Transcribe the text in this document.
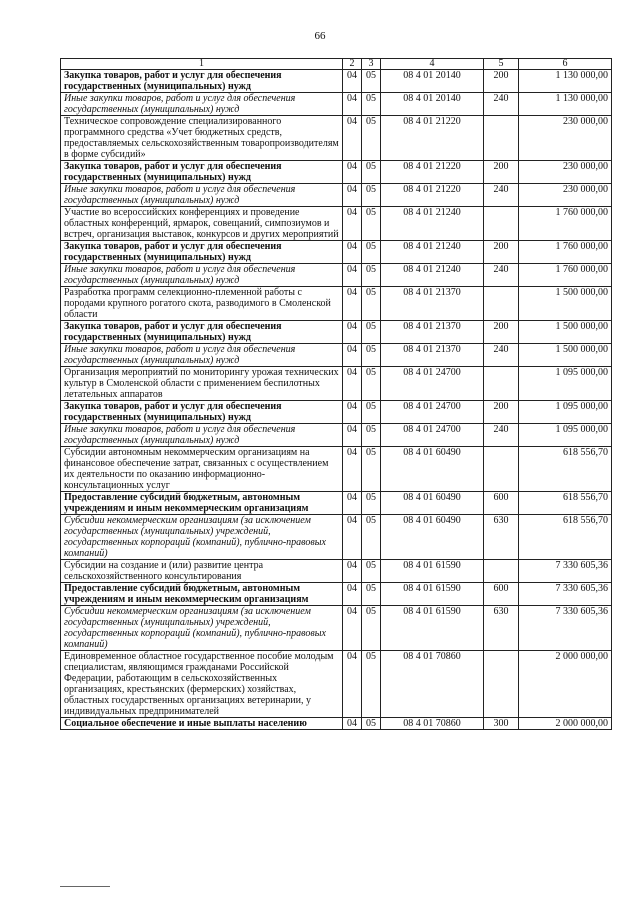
66
1	2	3	4	5	6
Закупка товаров, работ и услуг для обеспечения государственных (муниципальных) нужд	04	05	08 4 01 20140	200	1 130 000,00
Иные закупки товаров, работ и услуг для обеспечения государственных (муниципальных) нужд	04	05	08 4 01 20140	240	1 130 000,00
Техническое сопровождение специализированного программного средства «Учет бюджетных средств, предоставляемых сельскохозяйственным товаропроизводителям в форме субсидий»	04	05	08 4 01 21220		230 000,00
Закупка товаров, работ и услуг для обеспечения государственных (муниципальных) нужд	04	05	08 4 01 21220	200	230 000,00
Иные закупки товаров, работ и услуг для обеспечения государственных (муниципальных) нужд	04	05	08 4 01 21220	240	230 000,00
Участие во всероссийских конференциях и проведение областных конференций, ярмарок, совещаний, симпозиумов и встреч, организация выставок, конкурсов и других мероприятий	04	05	08 4 01 21240		1 760 000,00
Закупка товаров, работ и услуг для обеспечения государственных (муниципальных) нужд	04	05	08 4 01 21240	200	1 760 000,00
Иные закупки товаров, работ и услуг для обеспечения государственных (муниципальных) нужд	04	05	08 4 01 21240	240	1 760 000,00
Разработка программ селекционно-племенной работы с породами крупного рогатого скота, разводимого в Смоленской области	04	05	08 4 01 21370		1 500 000,00
Закупка товаров, работ и услуг для обеспечения государственных (муниципальных) нужд	04	05	08 4 01 21370	200	1 500 000,00
Иные закупки товаров, работ и услуг для обеспечения государственных (муниципальных) нужд	04	05	08 4 01 21370	240	1 500 000,00
Организация мероприятий по мониторингу урожая технических культур в Смоленской области с применением беспилотных летательных аппаратов	04	05	08 4 01 24700		1 095 000,00
Закупка товаров, работ и услуг для обеспечения государственных (муниципальных) нужд	04	05	08 4 01 24700	200	1 095 000,00
Иные закупки товаров, работ и услуг для обеспечения государственных (муниципальных) нужд	04	05	08 4 01 24700	240	1 095 000,00
Субсидии автономным некоммерческим организациям на финансовое обеспечение затрат, связанных с осуществлением их деятельности по оказанию информационно-консультационных услуг	04	05	08 4 01 60490		618 556,70
Предоставление субсидий бюджетным, автономным учреждениям и иным некоммерческим организациям	04	05	08 4 01 60490	600	618 556,70
Субсидии некоммерческим организациям (за исключением государственных (муниципальных) учреждений, государственных корпораций (компаний), публично-правовых компаний)	04	05	08 4 01 60490	630	618 556,70
Субсидии на создание и (или) развитие центра сельскохозяйственного консультирования	04	05	08 4 01 61590		7 330 605,36
Предоставление субсидий бюджетным, автономным учреждениям и иным некоммерческим организациям	04	05	08 4 01 61590	600	7 330 605,36
Субсидии некоммерческим организациям (за исключением государственных (муниципальных) учреждений, государственных корпораций (компаний), публично-правовых компаний)	04	05	08 4 01 61590	630	7 330 605,36
Единовременное областное государственное пособие молодым специалистам, являющимся гражданами Российской Федерации, работающим в сельскохозяйственных организациях, крестьянских (фермерских) хозяйствах, областных государственных организациях ветеринарии, у индивидуальных предпринимателей	04	05	08 4 01 70860		2 000 000,00
Социальное обеспечение и иные выплаты населению	04	05	08 4 01 70860	300	2 000 000,00
